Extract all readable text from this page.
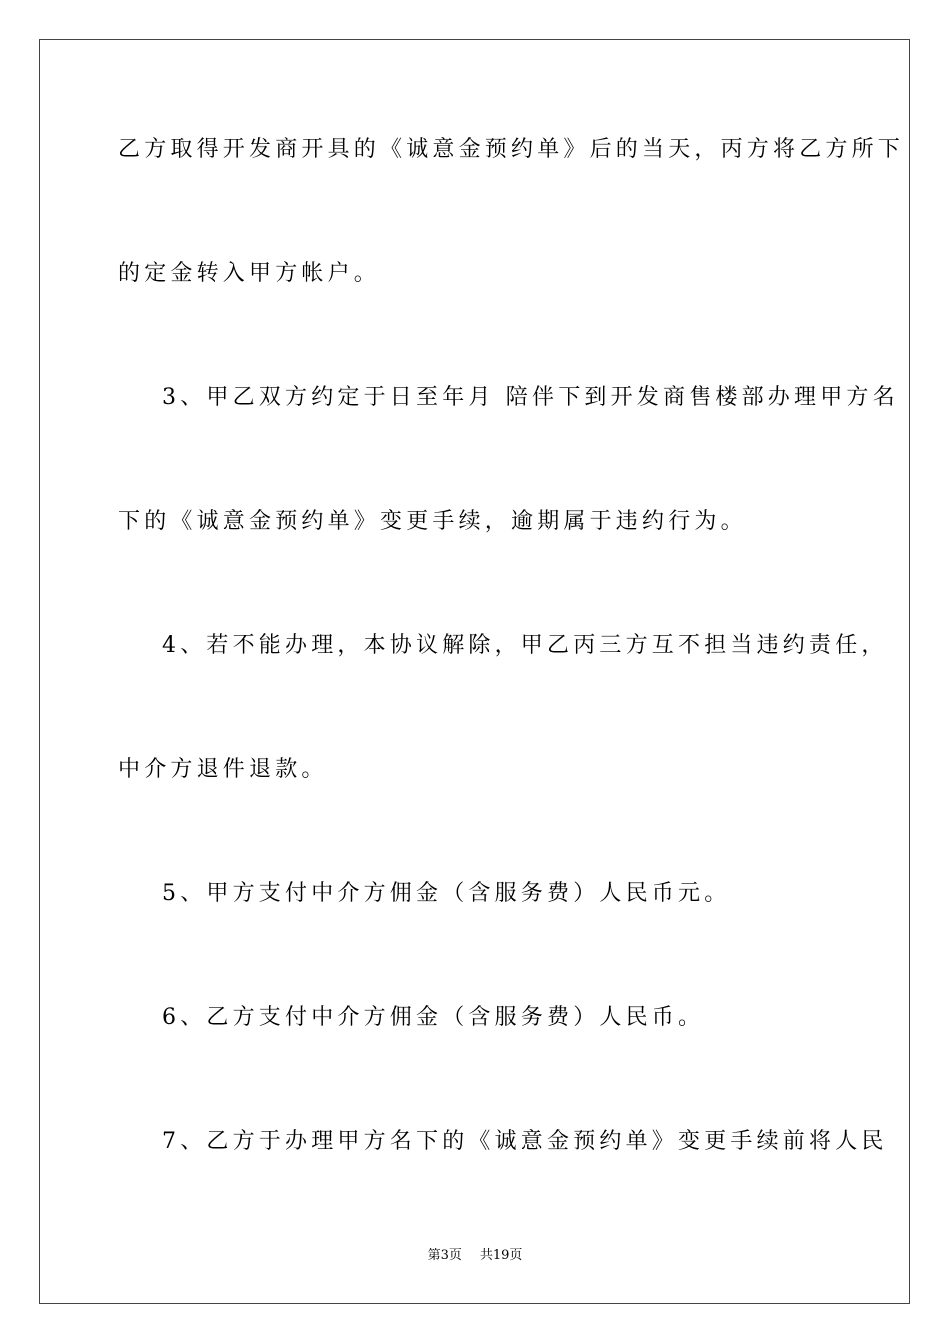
乙方取得开发商开具的《诚意金预约单》后的当天，丙方将乙方所下
的定金转入甲方帐户。
3、甲乙双方约定于日至年月 陪伴下到开发商售楼部办理甲方名
下的《诚意金预约单》变更手续，逾期属于违约行为。
4、若不能办理，本协议解除，甲乙丙三方互不担当违约责任，
中介方退件退款。
5、甲方支付中介方佣金（含服务费）人民币元。
6、乙方支付中介方佣金（含服务费）人民币。
7、乙方于办理甲方名下的《诚意金预约单》变更手续前将人民
第3页 共19页
